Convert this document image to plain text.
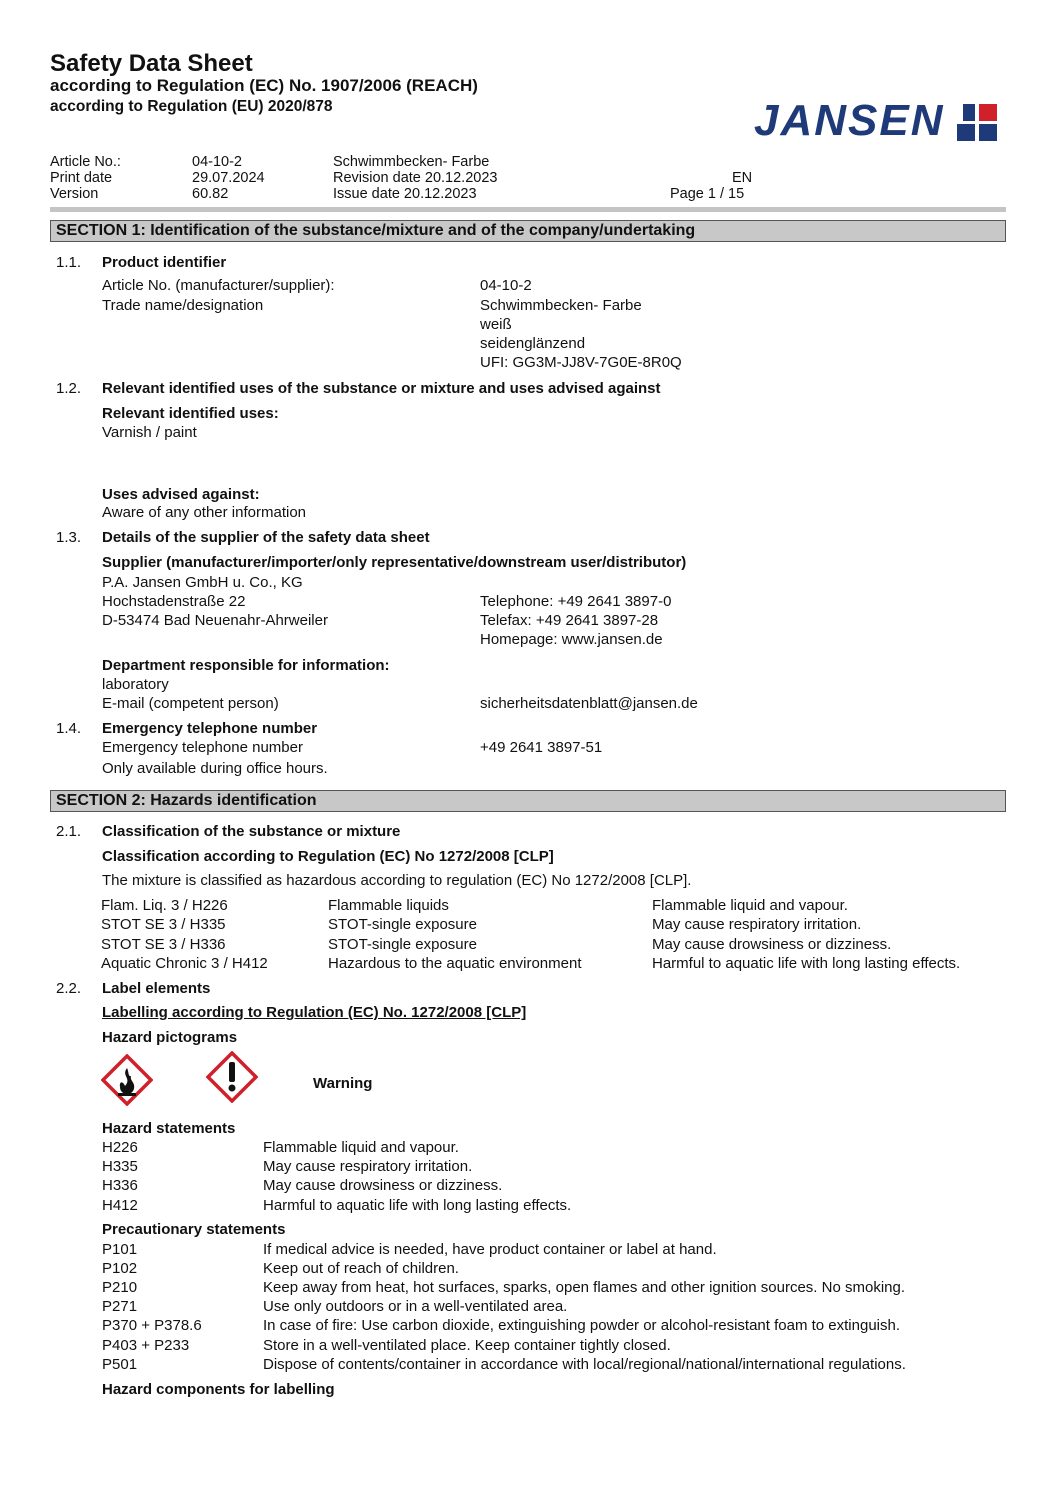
Safety Data Sheet
according to Regulation (EC) No. 1907/2006 (REACH)
according to Regulation (EU) 2020/878	JANSEN
Article No.:	04-10-2	Schwimmbecken- Farbe
Print date	29.07.2024	Revision date 20.12.2023	EN
Version	60.82	Issue date 20.12.2023	Page 1 / 15
SECTION 1: Identification of the substance/mixture and of the company/undertaking
1.1. Product identifier
Article No. (manufacturer/supplier):	04-10-2
Trade name/designation	Schwimmbecken- Farbe
weiß
seidenglänzend
UFI: GG3M-JJ8V-7G0E-8R0Q
1.2. Relevant identified uses of the substance or mixture and uses advised against
Relevant identified uses:
Varnish / paint
Uses advised against:
Aware of any other information
1.3. Details of the supplier of the safety data sheet
Supplier (manufacturer/importer/only representative/downstream user/distributor)
P.A. Jansen GmbH u. Co., KG
Hochstadenstraße 22	Telephone: +49 2641 3897-0
D-53474 Bad Neuenahr-Ahrweiler	Telefax: +49 2641 3897-28
Homepage: www.jansen.de
Department responsible for information:
laboratory
E-mail (competent person)	sicherheitsdatenblatt@jansen.de
1.4. Emergency telephone number
Emergency telephone number	+49 2641 3897-51
Only available during office hours.
SECTION 2: Hazards identification
2.1. Classification of the substance or mixture
Classification according to Regulation (EC) No 1272/2008 [CLP]
The mixture is classified as hazardous according to regulation (EC) No 1272/2008 [CLP].
Flam. Liq. 3 / H226	Flammable liquids	Flammable liquid and vapour.
STOT SE 3 / H335	STOT-single exposure	May cause respiratory irritation.
STOT SE 3 / H336	STOT-single exposure	May cause drowsiness or dizziness.
Aquatic Chronic 3 / H412	Hazardous to the aquatic environment	Harmful to aquatic life with long lasting effects.
2.2. Label elements
Labelling according to Regulation (EC) No. 1272/2008 [CLP]
Hazard pictograms
Warning
Hazard statements
H226	Flammable liquid and vapour.
H335	May cause respiratory irritation.
H336	May cause drowsiness or dizziness.
H412	Harmful to aquatic life with long lasting effects.
Precautionary statements
P101	If medical advice is needed, have product container or label at hand.
P102	Keep out of reach of children.
P210	Keep away from heat, hot surfaces, sparks, open flames and other ignition sources. No smoking.
P271	Use only outdoors or in a well-ventilated area.
P370 + P378.6	In case of fire: Use carbon dioxide, extinguishing powder or alcohol-resistant foam to extinguish.
P403 + P233	Store in a well-ventilated place. Keep container tightly closed.
P501	Dispose of contents/container in accordance with local/regional/national/international regulations.
Hazard components for labelling
